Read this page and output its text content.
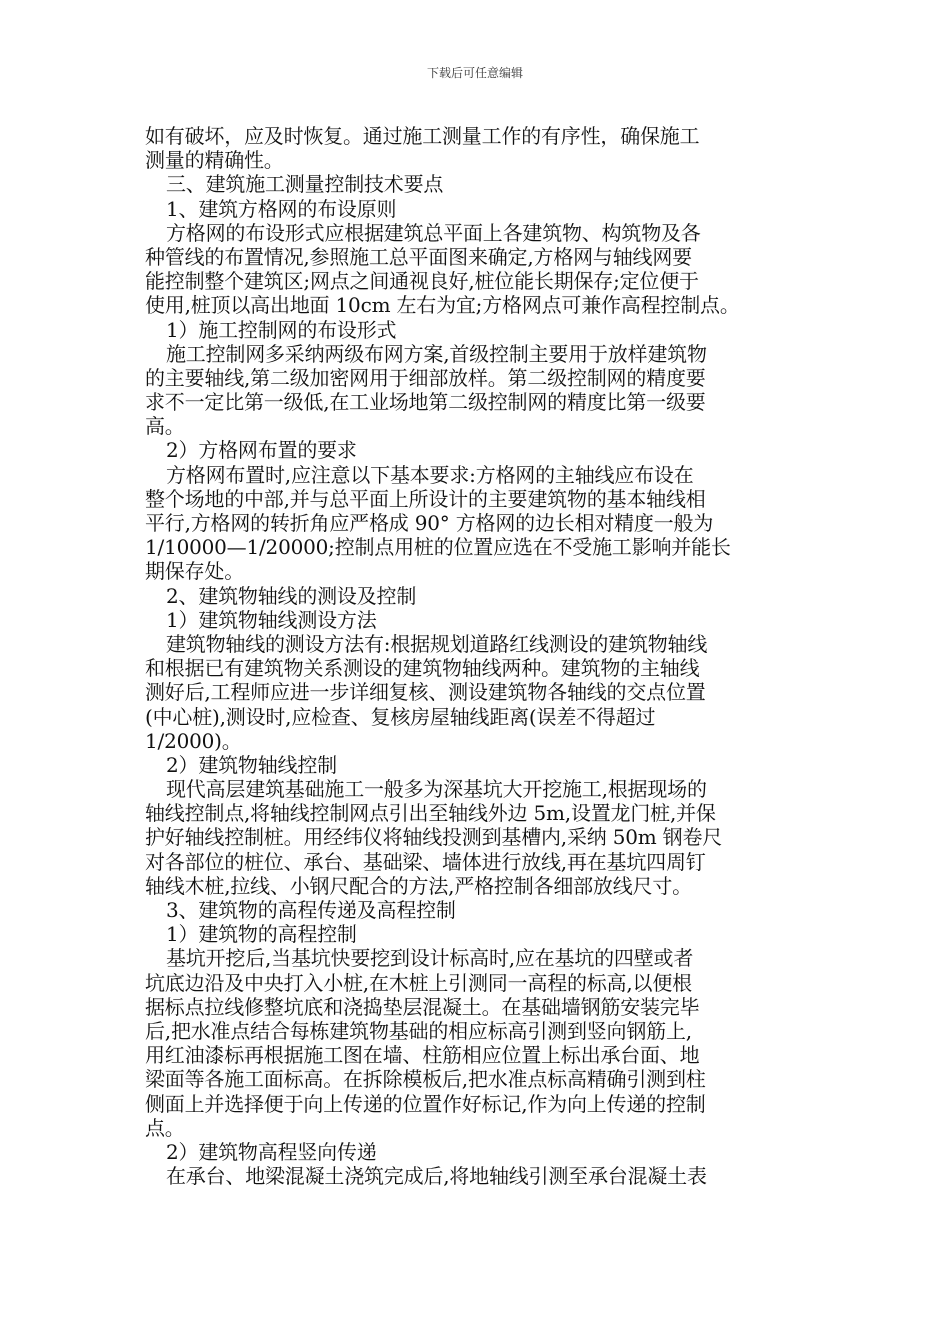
下载后可任意编辑
如有破坏，应及时恢复。通过施工测量工作的有序性，确保施工
测量的精确性。
三、建筑施工测量控制技术要点
1、建筑方格网的布设原则
方格网的布设形式应根据建筑总平面上各建筑物、构筑物及各
种管线的布置情况,参照施工总平面图来确定,方格网与轴线网要
能控制整个建筑区;网点之间通视良好,桩位能长期保存;定位便于
使用,桩顶以高出地面 10cm 左右为宜;方格网点可兼作高程控制点。
1）施工控制网的布设形式
施工控制网多采纳两级布网方案,首级控制主要用于放样建筑物
的主要轴线,第二级加密网用于细部放样。第二级控制网的精度要
求不一定比第一级低,在工业场地第二级控制网的精度比第一级要
高。
2）方格网布置的要求
方格网布置时,应注意以下基本要求:方格网的主轴线应布设在
整个场地的中部,并与总平面上所设计的主要建筑物的基本轴线相
平行,方格网的转折角应严格成 90° 方格网的边长相对精度一般为
1/10000—1/20000;控制点用桩的位置应选在不受施工影响并能长
期保存处。
2、建筑物轴线的测设及控制
1）建筑物轴线测设方法
建筑物轴线的测设方法有:根据规划道路红线测设的建筑物轴线
和根据已有建筑物关系测设的建筑物轴线两种。建筑物的主轴线
测好后,工程师应进一步详细复核、测设建筑物各轴线的交点位置
(中心桩),测设时,应检查、复核房屋轴线距离(误差不得超过
1/2000)。
2）建筑物轴线控制
现代高层建筑基础施工一般多为深基坑大开挖施工,根据现场的
轴线控制点,将轴线控制网点引出至轴线外边 5m,设置龙门桩,并保
护好轴线控制桩。用经纬仪将轴线投测到基槽内,采纳 50m 钢卷尺
对各部位的桩位、承台、基础梁、墙体进行放线,再在基坑四周钉
轴线木桩,拉线、小钢尺配合的方法,严格控制各细部放线尺寸。
3、建筑物的高程传递及高程控制
1）建筑物的高程控制
基坑开挖后,当基坑快要挖到设计标高时,应在基坑的四壁或者
坑底边沿及中央打入小桩,在木桩上引测同一高程的标高,以便根
据标点拉线修整坑底和浇捣垫层混凝土。在基础墙钢筋安装完毕
后,把水准点结合每栋建筑物基础的相应标高引测到竖向钢筋上,
用红油漆标再根据施工图在墙、柱筋相应位置上标出承台面、地
梁面等各施工面标高。在拆除模板后,把水准点标高精确引测到柱
侧面上并选择便于向上传递的位置作好标记,作为向上传递的控制
点。
2）建筑物高程竖向传递
在承台、地梁混凝土浇筑完成后,将地轴线引测至承台混凝土表
